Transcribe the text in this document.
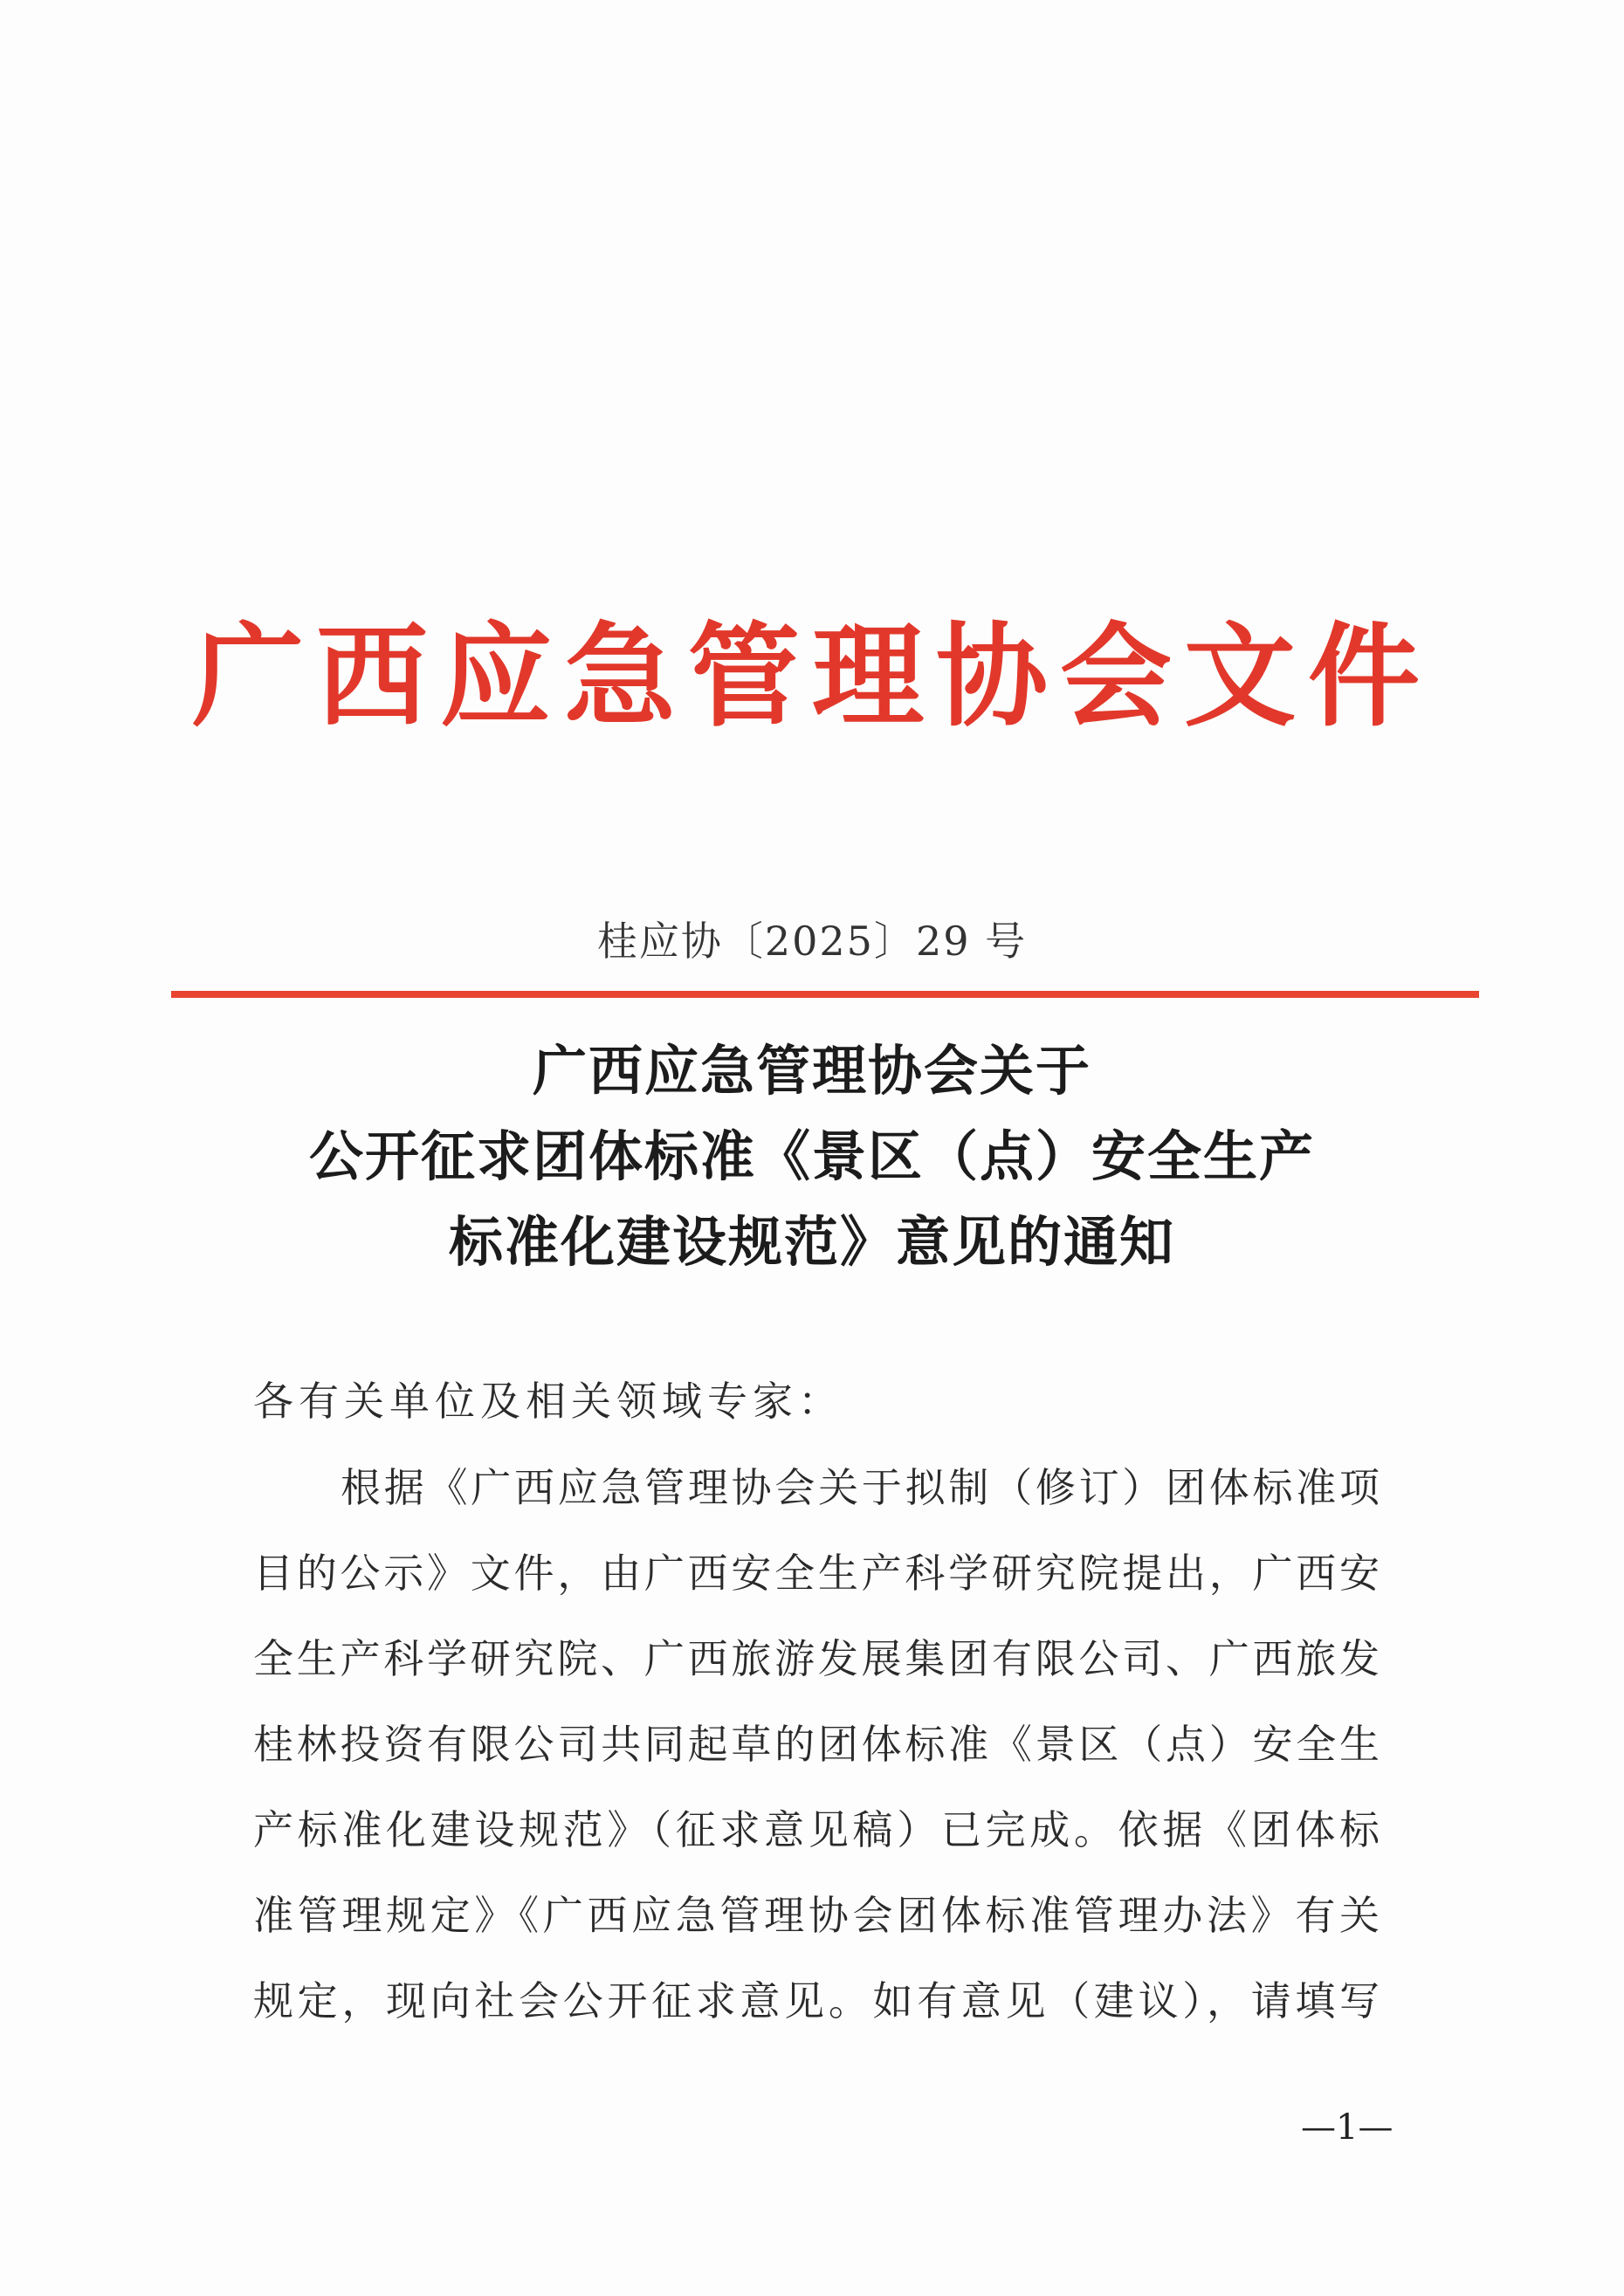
广西应急管理协会文件
桂应协〔2025〕29 号
广西应急管理协会关于
公开征求团体标准《景区（点）安全生产
标准化建设规范》意见的通知
各有关单位及相关领域专家：
根据《广西应急管理协会关于拟制（修订）团体标准项
目的公示》文件，由广西安全生产科学研究院提出，广西安
全生产科学研究院、广西旅游发展集团有限公司、广西旅发
桂林投资有限公司共同起草的团体标准《景区（点）安全生
产标准化建设规范》（征求意见稿）已完成。依据《团体标
准管理规定》《广西应急管理协会团体标准管理办法》有关
规定，现向社会公开征求意见。如有意见（建议），请填写
—1—
